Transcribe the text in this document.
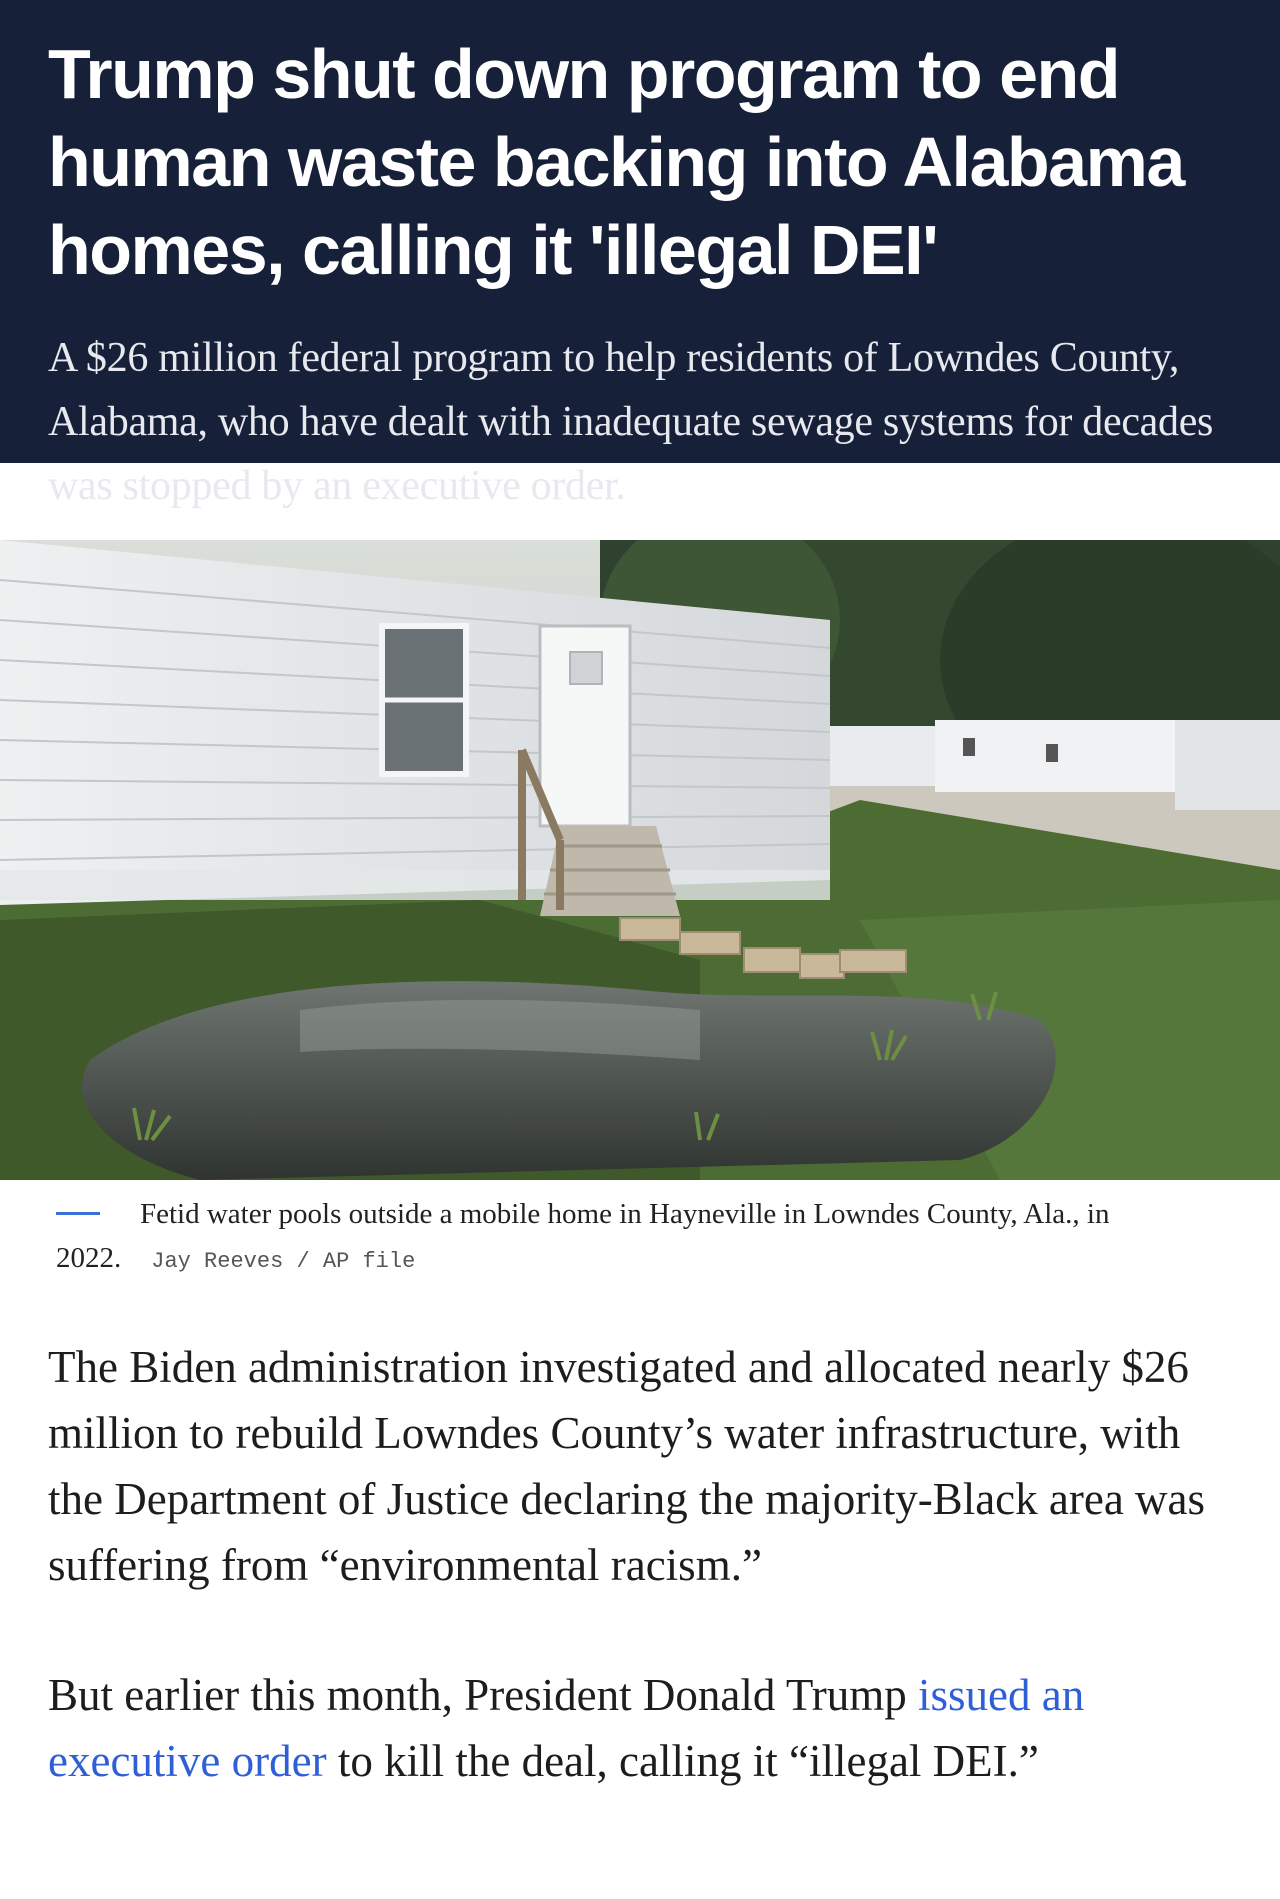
Trump shut down program to end human waste backing into Alabama homes, calling it 'illegal DEI'

A $26 million federal program to help residents of Lowndes County, Alabama, who have dealt with inadequate sewage systems for decades was stopped by an executive order.

Fetid water pools outside a mobile home in Hayneville in Lowndes County, Ala., in 2022. Jay Reeves / AP file

The Biden administration investigated and allocated nearly $26 million to rebuild Lowndes County’s water infrastructure, with the Department of Justice declaring the majority-Black area was suffering from “environmental racism.”

But earlier this month, President Donald Trump issued an executive order to kill the deal, calling it “illegal DEI.”
